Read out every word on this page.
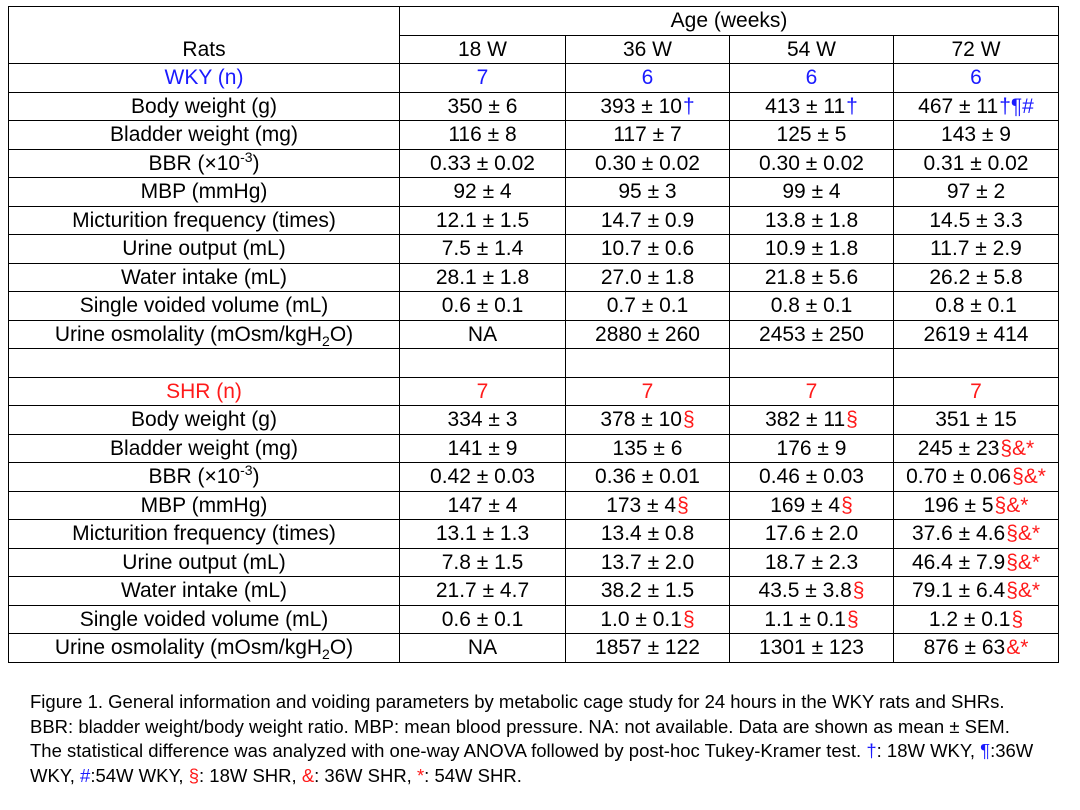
	Age (weeks)			
Rats	18 W	36 W	54 W	72 W
WKY (n)	7	6	6	6
Body weight (g)	350 ± 6	393 ± 10†	413 ± 11†	467 ± 11†¶#
Bladder weight (mg)	116 ± 8	117 ± 7	125 ± 5	143 ± 9
BBR $(\times 10^{-3})$	0.33 ± 0.02	0.30 ± 0.02	0.30 ± 0.02	0.31 ± 0.02
MBP (mmHg)	92 ± 4	95 ± 3	99 ± 4	97 ± 2
Micturition frequency (times)	12.1 ± 1.5	14.7 ± 0.9	13.8 ± 1.8	14.5 ± 3.3
Urine output (mL)	7.5 ± 1.4	10.7 ± 0.6	10.9 ± 1.8	11.7 ± 2.9
Water intake (mL)	28.1 ± 1.8	27.0 ± 1.8	21.8 ± 5.6	26.2 ± 5.8
Single voided volume (mL)	0.6 ± 0.1	0.7 ± 0.1	0.8 ± 0.1	0.8 ± 0.1
Urine osmolality (mOsm/kgH$_2$O)	NA	2880 ± 260	2453 ± 250	2619 ± 414

SHR (n)	7	7	7	7
Body weight (g)	334 ± 3	378 ± 10§	382 ± 11§	351 ± 15
Bladder weight (mg)	141 ± 9	135 ± 6	176 ± 9	245 ± 23§&*
BBR $(\times 10^{-3})$	0.42 ± 0.03	0.36 ± 0.01	0.46 ± 0.03	0.70 ± 0.06§&*
MBP (mmHg)	147 ± 4	173 ± 4§	169 ± 4§	196 ± 5§&*
Micturition frequency (times)	13.1 ± 1.3	13.4 ± 0.8	17.6 ± 2.0	37.6 ± 4.6§&*
Urine output (mL)	7.8 ± 1.5	13.7 ± 2.0	18.7 ± 2.3	46.4 ± 7.9§&*
Water intake (mL)	21.7 ± 4.7	38.2 ± 1.5	43.5 ± 3.8§	79.1 ± 6.4§&*
Single voided volume (mL)	0.6 ± 0.1	1.0 ± 0.1§	1.1 ± 0.1§	1.2 ± 0.1§
Urine osmolality (mOsm/kgH$_2$O)	NA	1857 ± 122	1301 ± 123	876 ± 63&*
Figure 1. General information and voiding parameters by metabolic cage study for 24 hours in the WKY rats and SHRs. BBR: bladder weight/body weight ratio. MBP: mean blood pressure. NA: not available. Data are shown as mean ± SEM. The statistical difference was analyzed with one-way ANOVA followed by post-hoc Tukey-Kramer test. †: 18W WKY, ¶:36W WKY, #:54W WKY, §: 18W SHR, &: 36W SHR, *: 54W SHR.
